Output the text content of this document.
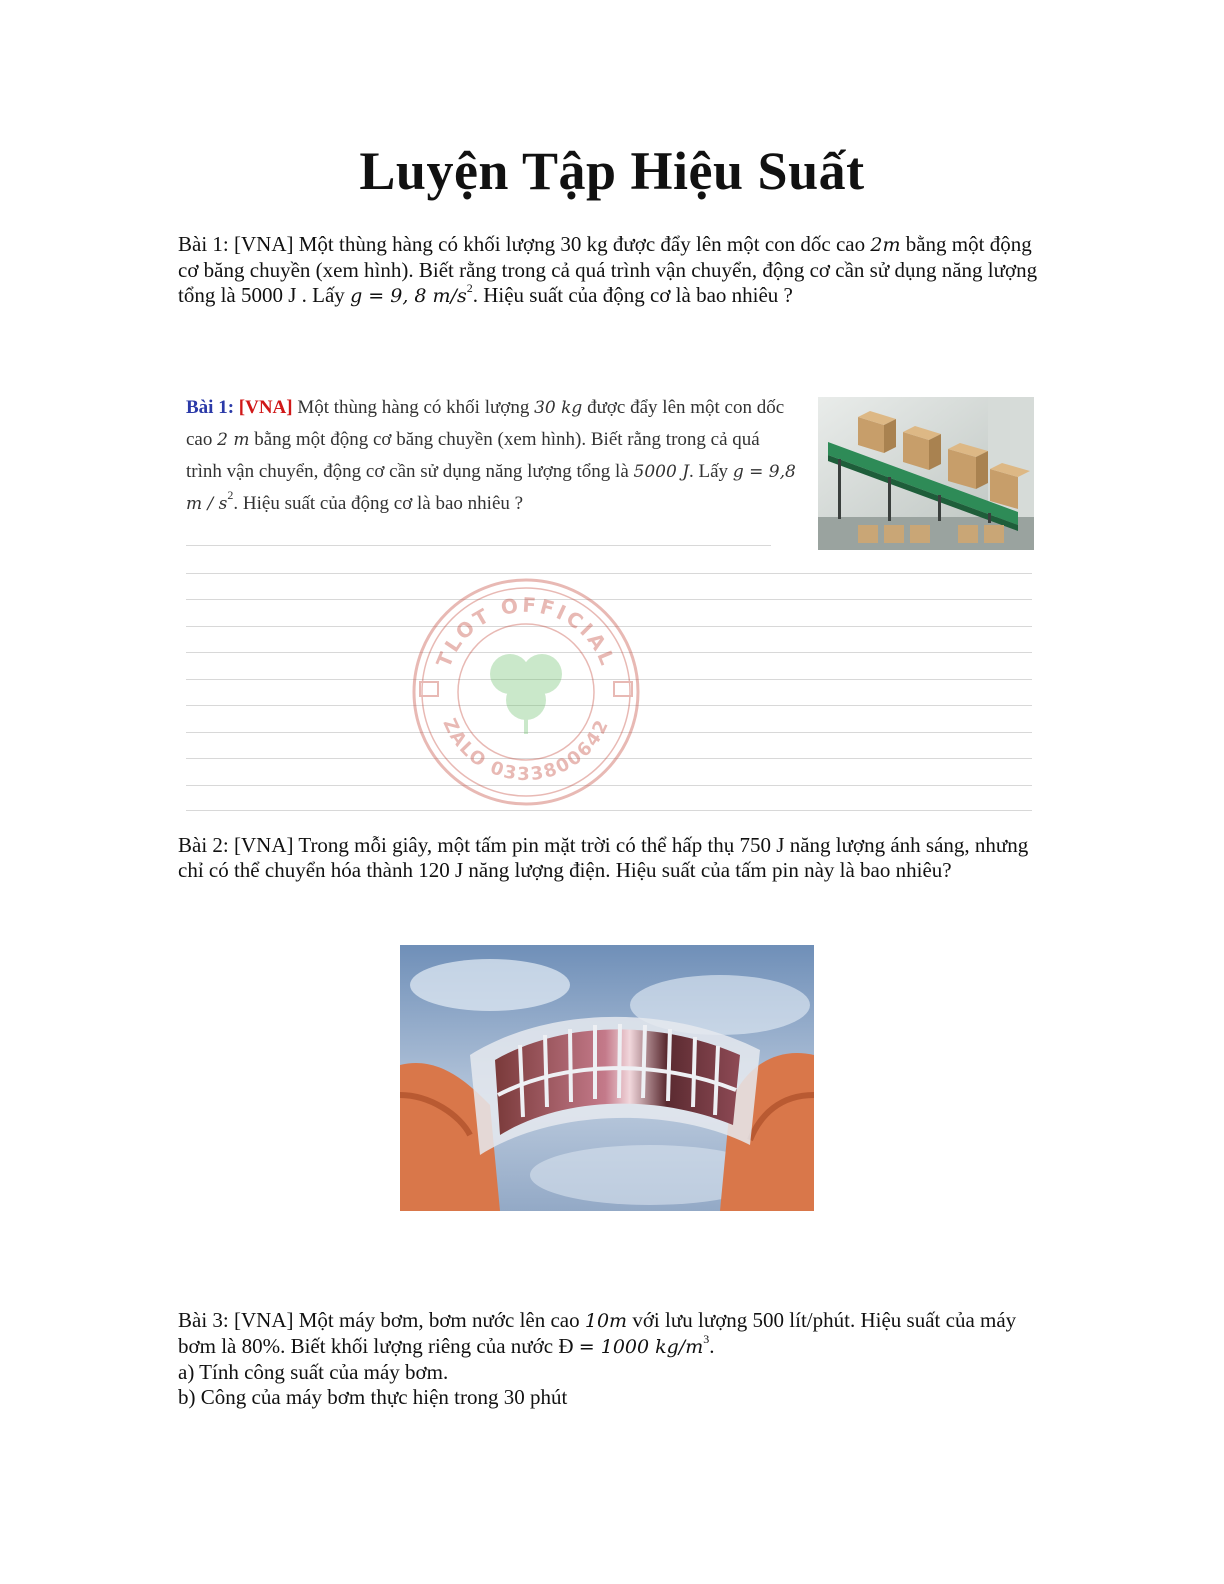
Luyện Tập Hiệu Suất
Bài 1: [VNA] Một thùng hàng có khối lượng 30 kg được đẩy lên một con dốc cao 2m bằng một động cơ băng chuyền (xem hình). Biết rằng trong cả quá trình vận chuyển, động cơ cần sử dụng năng lượng tổng là 5000 J . Lấy g = 9, 8 $m/s^2$. Hiệu suất của động cơ là bao nhiêu ?
Bài 1: [VNA] Một thùng hàng có khối lượng 30 kg được đẩy lên một con dốc cao 2 m bằng một động cơ băng chuyền (xem hình). Biết rằng trong cả quá trình vận chuyển, động cơ cần sử dụng năng lượng tổng là 5000 J. Lấy g = 9,8 m / $s^2$. Hiệu suất của động cơ là bao nhiêu ?
TLOT OFFICIAL
ZALO 0333800642
Bài 2: [VNA] Trong mỗi giây, một tấm pin mặt trời có thể hấp thụ 750 J năng lượng ánh sáng, nhưng chỉ có thể chuyển hóa thành 120 J năng lượng điện. Hiệu suất của tấm pin này là bao nhiêu?
Bài 3: [VNA] Một máy bơm, bơm nước lên cao 10m với lưu lượng 500 lít/phút. Hiệu suất của máy bơm là 80%. Biết khối lượng riêng của nước Đ = 1000 $kg/m^3$.
a) Tính công suất của máy bơm.
b) Công của máy bơm thực hiện trong 30 phút
